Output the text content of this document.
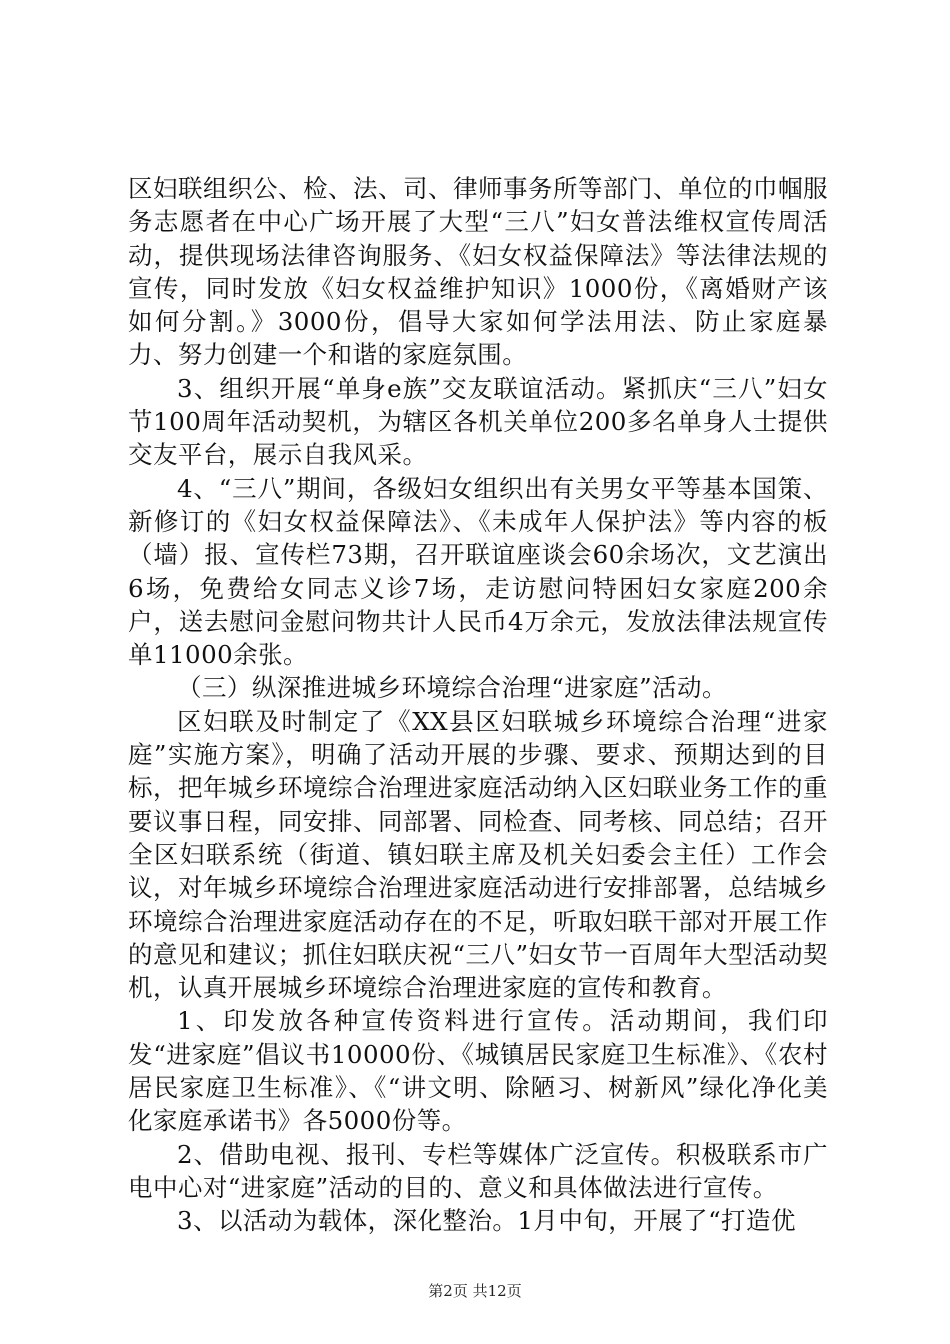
区妇联组织公、检、法、司、律师事务所等部门、单位的巾帼服务志愿者在中心广场开展了大型“三八”妇女普法维权宣传周活动，提供现场法律咨询服务、《妇女权益保障法》等法律法规的宣传，同时发放《妇女权益维护知识》1000份，《离婚财产该如何分割。》3000份，倡导大家如何学法用法、防止家庭暴力、努力创建一个和谐的家庭氛围。

3、组织开展“单身e族”交友联谊活动。紧抓庆“三八”妇女节100周年活动契机，为辖区各机关单位200多名单身人士提供交友平台，展示自我风采。

4、“三八”期间，各级妇女组织出有关男女平等基本国策、新修订的《妇女权益保障法》、《未成年人保护法》等内容的板（墙）报、宣传栏73期，召开联谊座谈会60余场次，文艺演出6场，免费给女同志义诊7场，走访慰问特困妇女家庭200余户，送去慰问金慰问物共计人民币4万余元，发放法律法规宣传单11000余张。

（三）纵深推进城乡环境综合治理“进家庭”活动。

区妇联及时制定了《XX县区妇联城乡环境综合治理“进家庭”实施方案》，明确了活动开展的步骤、要求、预期达到的目标，把年城乡环境综合治理进家庭活动纳入区妇联业务工作的重要议事日程，同安排、同部署、同检查、同考核、同总结；召开全区妇联系统（街道、镇妇联主席及机关妇委会主任）工作会议，对年城乡环境综合治理进家庭活动进行安排部署，总结城乡环境综合治理进家庭活动存在的不足，听取妇联干部对开展工作的意见和建议；抓住妇联庆祝“三八”妇女节一百周年大型活动契机，认真开展城乡环境综合治理进家庭的宣传和教育。

1、印发放各种宣传资料进行宣传。活动期间，我们印发“进家庭”倡议书10000份、《城镇居民家庭卫生标准》、《农村居民家庭卫生标准》、《“讲文明、除陋习、树新风”绿化净化美化家庭承诺书》各5000份等。

2、借助电视、报刊、专栏等媒体广泛宣传。积极联系市广电中心对“进家庭”活动的目的、意义和具体做法进行宣传。

3、以活动为载体，深化整治。1月中旬，开展了“打造优

第2页 共12页
